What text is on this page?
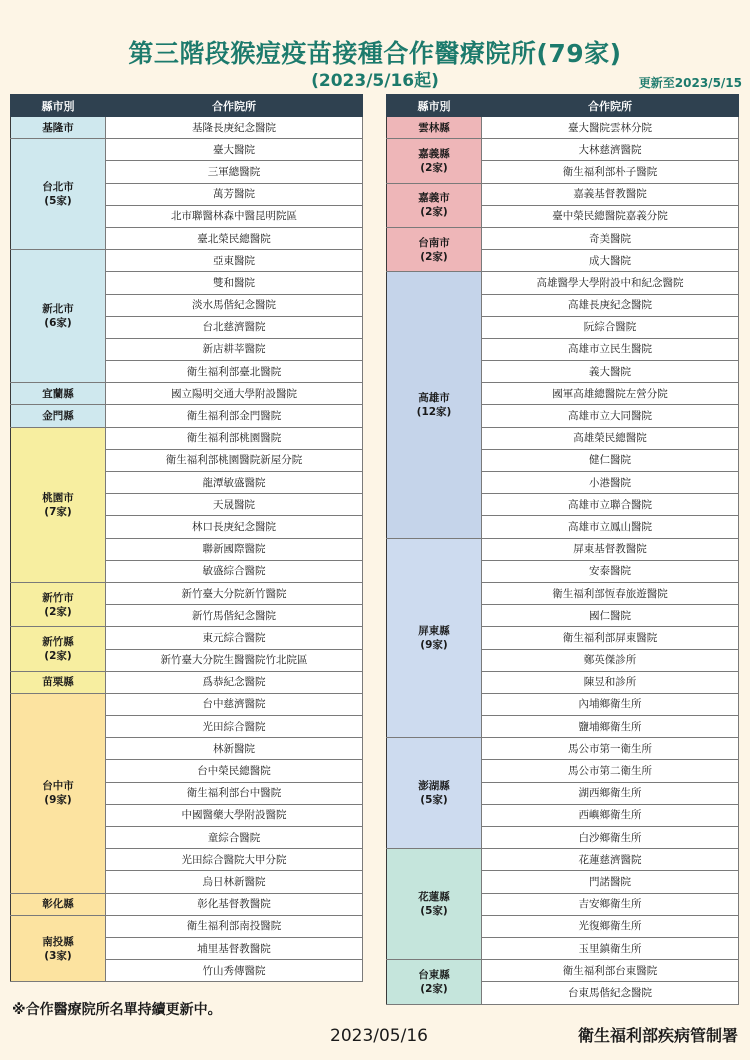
第三階段猴痘疫苗接種合作醫療院所(79家)
(2023/5/16起)	更新至2023/5/15
縣市別	合作院所

基隆市	基隆長庚紀念醫院

台北市
(5家)	臺大醫院
	三軍總醫院
	萬芳醫院
	北市聯醫林森中醫昆明院區
	臺北榮民總醫院

新北市
(6家)	亞東醫院
	雙和醫院
	淡水馬偕紀念醫院
	台北慈濟醫院
	新店耕莘醫院
	衛生福利部臺北醫院

宜蘭縣	國立陽明交通大學附設醫院

金門縣	衛生福利部金門醫院

桃園市
(7家)	衛生福利部桃園醫院
	衛生福利部桃園醫院新屋分院
	龍潭敏盛醫院
	天晟醫院
	林口長庚紀念醫院
	聯新國際醫院
	敏盛綜合醫院

新竹市
(2家)	新竹臺大分院新竹醫院
	新竹馬偕紀念醫院

新竹縣
(2家)	東元綜合醫院
	新竹臺大分院生醫醫院竹北院區

苗栗縣	爲恭紀念醫院

台中市
(9家)	台中慈濟醫院
	光田綜合醫院
	林新醫院
	台中榮民總醫院
	衛生福利部台中醫院
	中國醫藥大學附設醫院
	童綜合醫院
	光田綜合醫院大甲分院
	烏日林新醫院

彰化縣	彰化基督教醫院

南投縣
(3家)	衛生福利部南投醫院
	埔里基督教醫院
	竹山秀傳醫院
縣市別	合作院所

雲林縣	臺大醫院雲林分院

嘉義縣
(2家)	大林慈濟醫院
	衛生福利部朴子醫院

嘉義市
(2家)	嘉義基督教醫院
	臺中榮民總醫院嘉義分院

台南市
(2家)	奇美醫院
	成大醫院

高雄市
(12家)	高雄醫學大學附設中和紀念醫院
	高雄長庚紀念醫院
	阮綜合醫院
	高雄市立民生醫院
	義大醫院
	國軍高雄總醫院左營分院
	高雄市立大同醫院
	高雄榮民總醫院
	健仁醫院
	小港醫院
	高雄市立聯合醫院
	高雄市立鳳山醫院

屏東縣
(9家)	屏東基督教醫院
	安泰醫院
	衛生福利部恆春旅遊醫院
	國仁醫院
	衛生福利部屏東醫院
	鄭英傑診所
	陳昱和診所
	內埔鄉衛生所
	鹽埔鄉衛生所

澎湖縣
(5家)	馬公市第一衛生所
	馬公市第二衛生所
	湖西鄉衛生所
	西嶼鄉衛生所
	白沙鄉衛生所

花蓮縣
(5家)	花蓮慈濟醫院
	門諾醫院
	吉安鄉衛生所
	光復鄉衛生所
	玉里鎮衛生所

台東縣
(2家)	衛生福利部台東醫院
	台東馬偕紀念醫院
※合作醫療院所名單持續更新中。
2023/05/16	衛生福利部疾病管制署
